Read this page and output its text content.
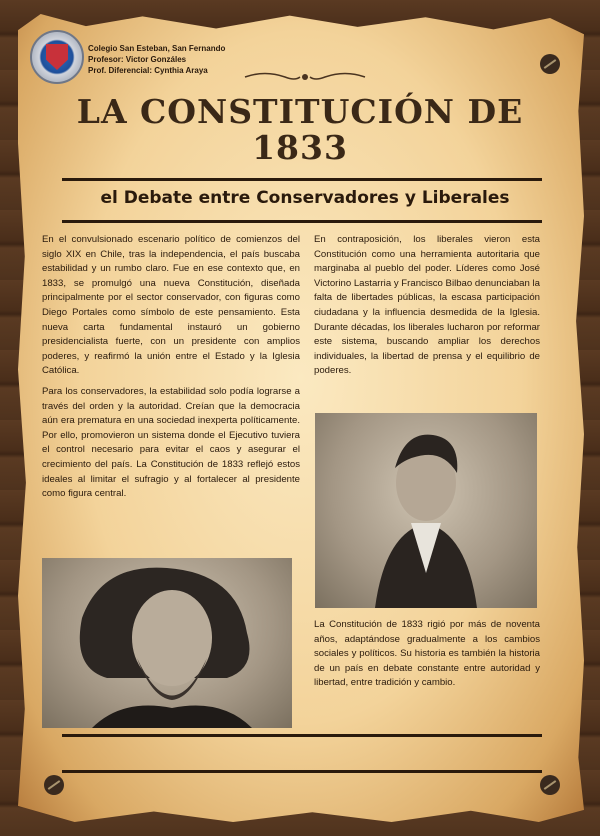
Colegio San Esteban, San Fernando
Profesor: Victor Gonzáles
Prof. Diferencial: Cynthia Araya
LA CONSTITUCIÓN DE 1833
el Debate entre Conservadores y Liberales

En el convulsionado escenario político de comienzos del siglo XIX en Chile, tras la independencia, el país buscaba estabilidad y un rumbo claro. Fue en ese contexto que, en 1833, se promulgó una nueva Constitución, diseñada principalmente por el sector conservador, con figuras como Diego Portales como símbolo de este pensamiento. Esta nueva carta fundamental instauró un gobierno presidencialista fuerte, con un presidente con amplios poderes, y reafirmó la unión entre el Estado y la Iglesia Católica.

Para los conservadores, la estabilidad solo podía lograrse a través del orden y la autoridad. Creían que la democracia aún era prematura en una sociedad inexperta políticamente. Por ello, promovieron un sistema donde el Ejecutivo tuviera el control necesario para evitar el caos y asegurar el crecimiento del país. La Constitución de 1833 reflejó estos ideales al limitar el sufragio y al fortalecer al presidente como figura central.

En contraposición, los liberales vieron esta Constitución como una herramienta autoritaria que marginaba al pueblo del poder. Líderes como José Victorino Lastarria y Francisco Bilbao denunciaban la falta de libertades públicas, la escasa participación ciudadana y la influencia desmedida de la Iglesia. Durante décadas, los liberales lucharon por reformar este sistema, buscando ampliar los derechos individuales, la libertad de prensa y el equilibrio de poderes.

La Constitución de 1833 rigió por más de noventa años, adaptándose gradualmente a los cambios sociales y políticos. Su historia es también la historia de un país en debate constante entre autoridad y libertad, entre tradición y cambio.
